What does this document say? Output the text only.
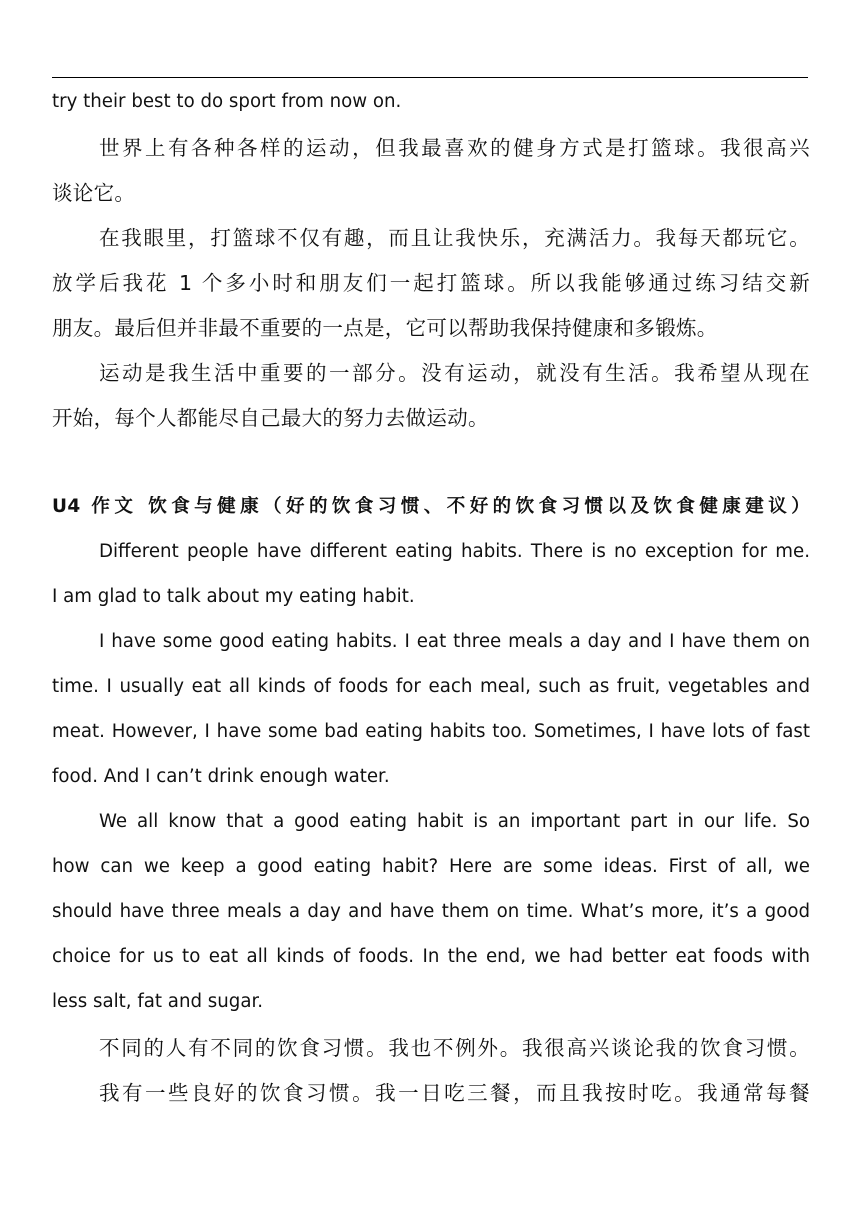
try their best to do sport from now on.
世界上有各种各样的运动，但我最喜欢的健身方式是打篮球。我很高兴
谈论它。
在我眼里，打篮球不仅有趣，而且让我快乐，充满活力。我每天都玩它。
放学后我花 1 个多小时和朋友们一起打篮球。所以我能够通过练习结交新
朋友。最后但并非最不重要的一点是，它可以帮助我保持健康和多锻炼。
运动是我生活中重要的一部分。没有运动，就没有生活。我希望从现在
开始，每个人都能尽自己最大的努力去做运动。
U4 作文 饮食与健康（好的饮食习惯、不好的饮食习惯以及饮食健康建议）
Different people have different eating habits. There is no exception for me.
I am glad to talk about my eating habit.
I have some good eating habits. I eat three meals a day and I have them on
time. I usually eat all kinds of foods for each meal, such as fruit, vegetables and
meat. However, I have some bad eating habits too. Sometimes, I have lots of fast
food. And I can’t drink enough water.
We all know that a good eating habit is an important part in our life. So
how can we keep a good eating habit? Here are some ideas. First of all, we
should have three meals a day and have them on time. What’s more, it’s a good
choice for us to eat all kinds of foods. In the end, we had better eat foods with
less salt, fat and sugar.
不同的人有不同的饮食习惯。我也不例外。我很高兴谈论我的饮食习惯。
我有一些良好的饮食习惯。我一日吃三餐，而且我按时吃。我通常每餐
